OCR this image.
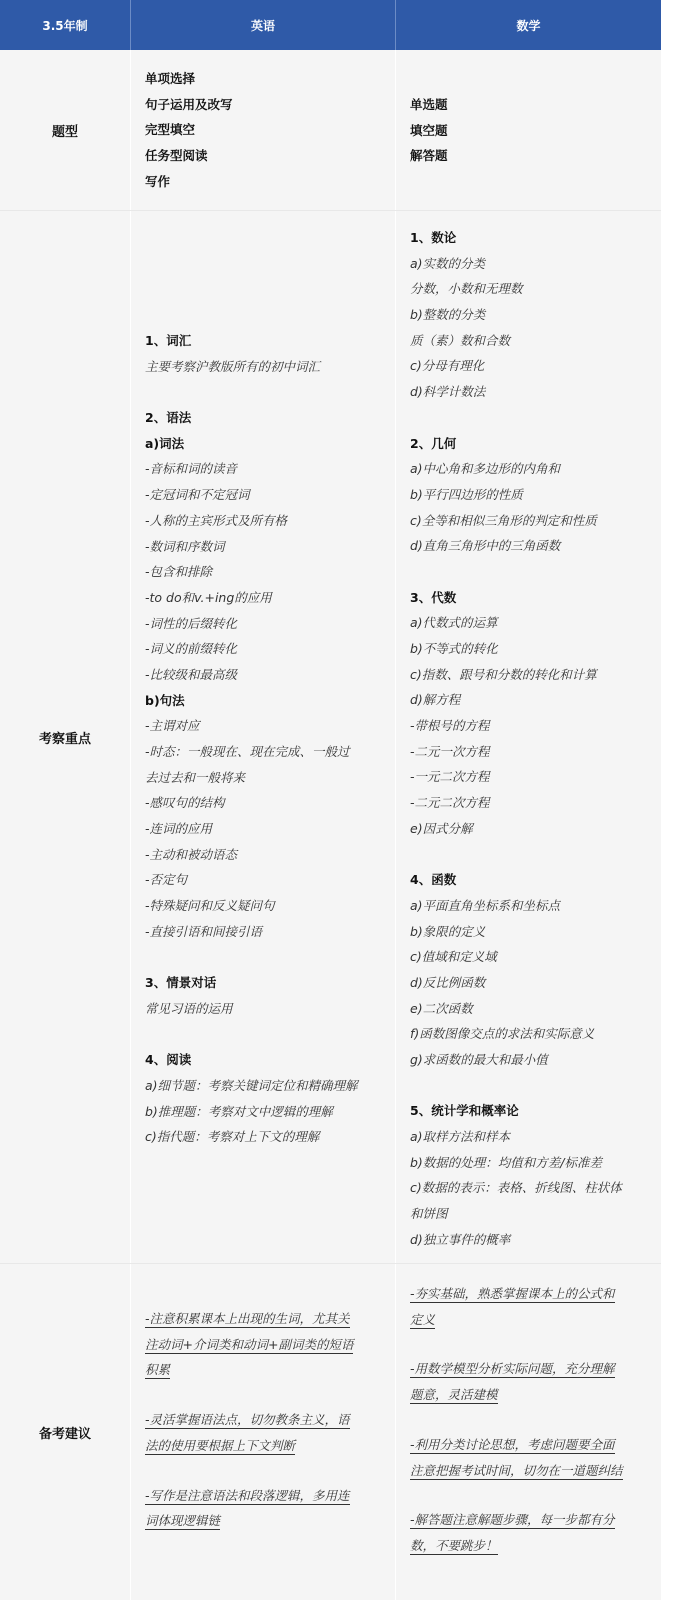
3.5年制	英语	数学
题型
单项选择
句子运用及改写
完型填空
任务型阅读
写作
单选题
填空题
解答题
考察重点
1、词汇
主要考察沪教版所有的初中词汇
2、语法
a)词法
-音标和词的读音
-定冠词和不定冠词
-人称的主宾形式及所有格
-数词和序数词
-包含和排除
-to do和v.+ing的应用
-词性的后缀转化
-词义的前缀转化
-比较级和最高级
b)句法
-主谓对应
-时态：一般现在、现在完成、一般过
去过去和一般将来
-感叹句的结构
-连词的应用
-主动和被动语态
-否定句
-特殊疑问和反义疑问句
-直接引语和间接引语
3、情景对话
常见习语的运用
4、阅读
a)细节题：考察关键词定位和精确理解
b)推理题：考察对文中逻辑的理解
c)指代题：考察对上下文的理解
1、数论
a)实数的分类
分数，小数和无理数
b)整数的分类
质（素）数和合数
c)分母有理化
d)科学计数法
2、几何
a)中心角和多边形的内角和
b)平行四边形的性质
c)全等和相似三角形的判定和性质
d)直角三角形中的三角函数
3、代数
a)代数式的运算
b)不等式的转化
c)指数、跟号和分数的转化和计算
d)解方程
-带根号的方程
-二元一次方程
-一元二次方程
-二元二次方程
e)因式分解
4、函数
a)平面直角坐标系和坐标点
b)象限的定义
c)值域和定义域
d)反比例函数
e)二次函数
f)函数图像交点的求法和实际意义
g)求函数的最大和最小值
5、统计学和概率论
a)取样方法和样本
b)数据的处理：均值和方差/标准差
c)数据的表示：表格、折线图、柱状体
和饼图
d)独立事件的概率
备考建议
-注意积累课本上出现的生词，尤其关
注动词+介词类和动词+副词类的短语
积累
-灵活掌握语法点，切勿教条主义，语
法的使用要根据上下文判断
-写作是注意语法和段落逻辑，多用连
词体现逻辑链
-夯实基础，熟悉掌握课本上的公式和
定义
-用数学模型分析实际问题，充分理解
题意，灵活建模
-利用分类讨论思想，考虑问题要全面
注意把握考试时间，切勿在一道题纠结
-解答题注意解题步骤，每一步都有分
数，不要跳步！
